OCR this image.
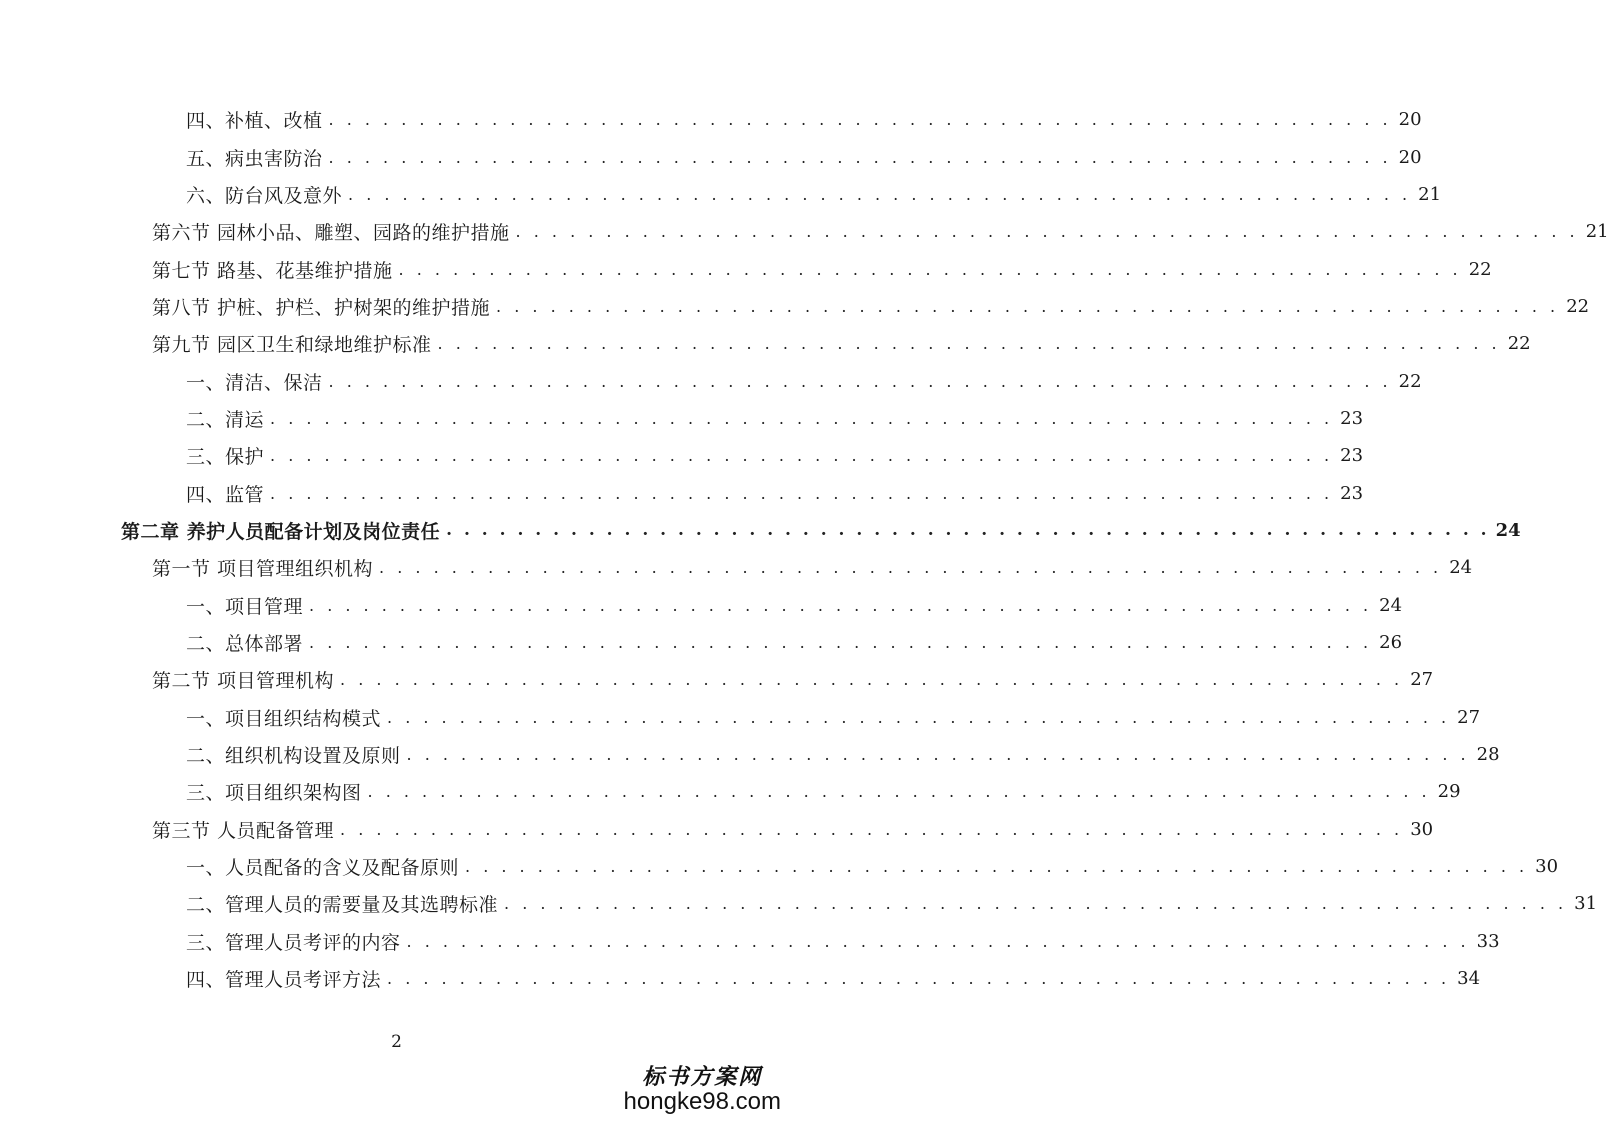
四、补植、改植 . . . . . . . . . . . . . . . . . . . . . . . . . . . . . . . . . . . . . . . . . . . . . . . . . . . . . . . . . . . 20
五、病虫害防治 . . . . . . . . . . . . . . . . . . . . . . . . . . . . . . . . . . . . . . . . . . . . . . . . . . . . . . . . . . . 20
六、防台风及意外 . . . . . . . . . . . . . . . . . . . . . . . . . . . . . . . . . . . . . . . . . . . . . . . . . . . . . . . . . . . 21
第六节 园林小品、雕塑、园路的维护措施 . . . . . . . . . . . . . . . . . . . . . . . . . . . . . . . . . . . . . . . . . . . . . . . . . . . . . . . . . . . 21
第七节 路基、花基维护措施 . . . . . . . . . . . . . . . . . . . . . . . . . . . . . . . . . . . . . . . . . . . . . . . . . . . . . . . . . . . 22
第八节 护桩、护栏、护树架的维护措施 . . . . . . . . . . . . . . . . . . . . . . . . . . . . . . . . . . . . . . . . . . . . . . . . . . . . . . . . . . . 22
第九节 园区卫生和绿地维护标准 . . . . . . . . . . . . . . . . . . . . . . . . . . . . . . . . . . . . . . . . . . . . . . . . . . . . . . . . . . . 22
一、清洁、保洁 . . . . . . . . . . . . . . . . . . . . . . . . . . . . . . . . . . . . . . . . . . . . . . . . . . . . . . . . . . . 22
二、清运 . . . . . . . . . . . . . . . . . . . . . . . . . . . . . . . . . . . . . . . . . . . . . . . . . . . . . . . . . . . 23
三、保护 . . . . . . . . . . . . . . . . . . . . . . . . . . . . . . . . . . . . . . . . . . . . . . . . . . . . . . . . . . . 23
四、监管 . . . . . . . . . . . . . . . . . . . . . . . . . . . . . . . . . . . . . . . . . . . . . . . . . . . . . . . . . . . 23
第二章 养护人员配备计划及岗位责任 . . . . . . . . . . . . . . . . . . . . . . . . . . . . . . . . . . . . . . . . . . . . . . . . . . . . . . . . . . . 24
第一节 项目管理组织机构 . . . . . . . . . . . . . . . . . . . . . . . . . . . . . . . . . . . . . . . . . . . . . . . . . . . . . . . . . . . 24
一、项目管理 . . . . . . . . . . . . . . . . . . . . . . . . . . . . . . . . . . . . . . . . . . . . . . . . . . . . . . . . . . . 24
二、总体部署 . . . . . . . . . . . . . . . . . . . . . . . . . . . . . . . . . . . . . . . . . . . . . . . . . . . . . . . . . . . 26
第二节 项目管理机构 . . . . . . . . . . . . . . . . . . . . . . . . . . . . . . . . . . . . . . . . . . . . . . . . . . . . . . . . . . . 27
一、项目组织结构模式 . . . . . . . . . . . . . . . . . . . . . . . . . . . . . . . . . . . . . . . . . . . . . . . . . . . . . . . . . . . 27
二、组织机构设置及原则 . . . . . . . . . . . . . . . . . . . . . . . . . . . . . . . . . . . . . . . . . . . . . . . . . . . . . . . . . . . 28
三、项目组织架构图 . . . . . . . . . . . . . . . . . . . . . . . . . . . . . . . . . . . . . . . . . . . . . . . . . . . . . . . . . . . 29
第三节 人员配备管理 . . . . . . . . . . . . . . . . . . . . . . . . . . . . . . . . . . . . . . . . . . . . . . . . . . . . . . . . . . . 30
一、人员配备的含义及配备原则 . . . . . . . . . . . . . . . . . . . . . . . . . . . . . . . . . . . . . . . . . . . . . . . . . . . . . . . . . . . 30
二、管理人员的需要量及其选聘标准 . . . . . . . . . . . . . . . . . . . . . . . . . . . . . . . . . . . . . . . . . . . . . . . . . . . . . . . . . . . 31
三、管理人员考评的内容 . . . . . . . . . . . . . . . . . . . . . . . . . . . . . . . . . . . . . . . . . . . . . . . . . . . . . . . . . . . 33
四、管理人员考评方法 . . . . . . . . . . . . . . . . . . . . . . . . . . . . . . . . . . . . . . . . . . . . . . . . . . . . . . . . . . . 34
2
标书方案网
hongke98.com
